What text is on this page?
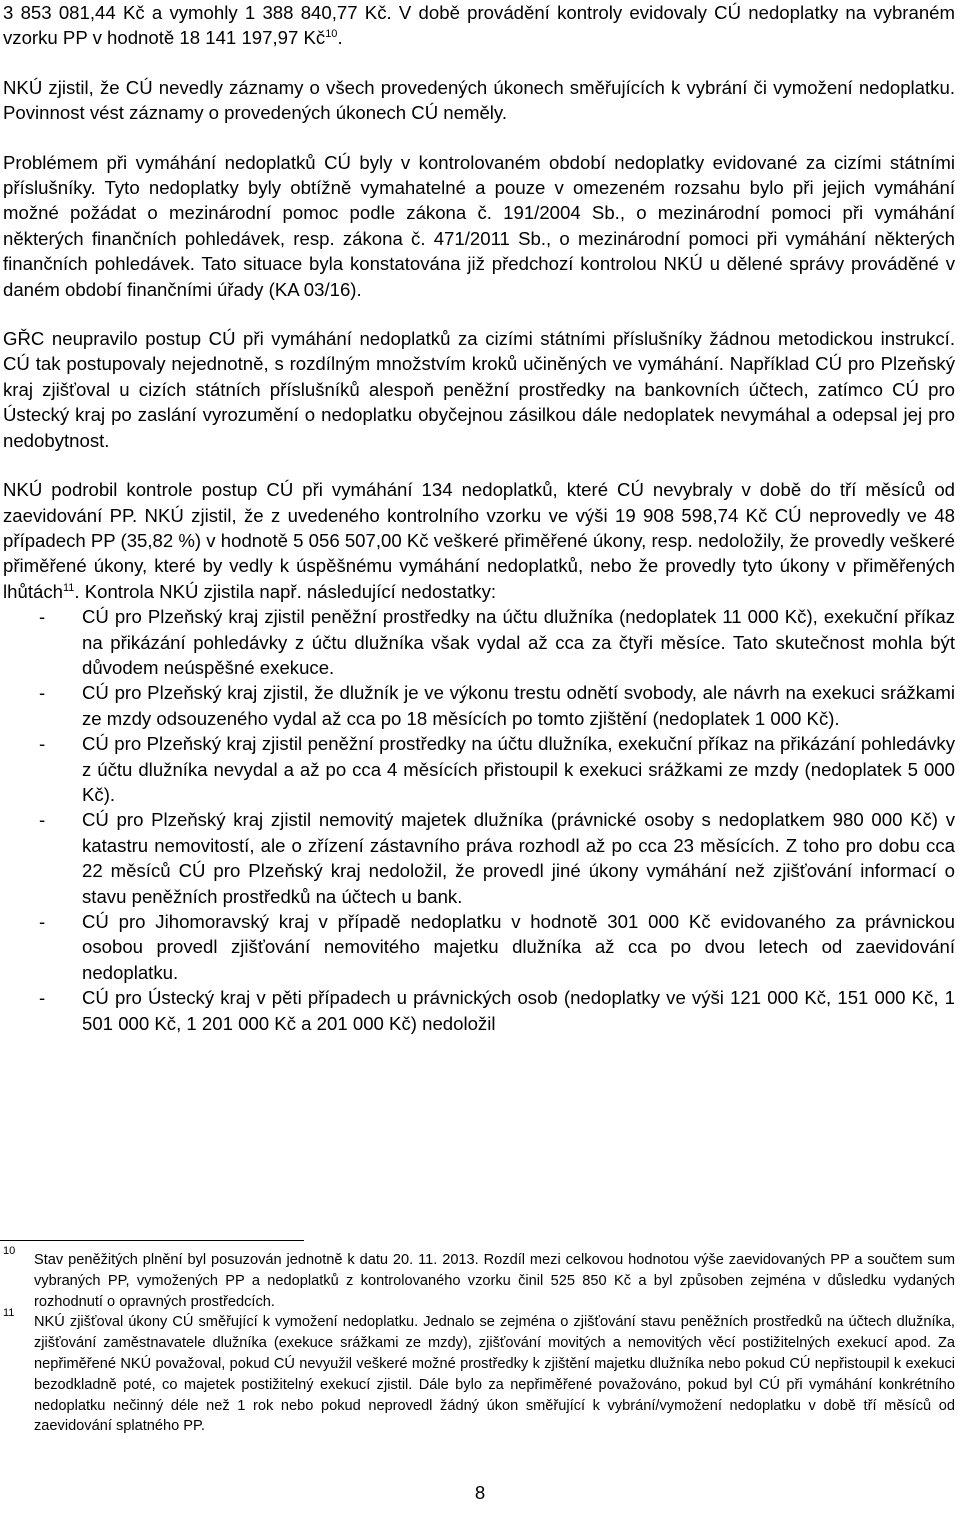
3 853 081,44 Kč a vymohly 1 388 840,77 Kč. V době provádění kontroly evidovaly CÚ nedoplatky na vybraném vzorku PP v hodnotě 18 141 197,97 $Kč^{10}$.

NKÚ zjistil, že CÚ nevedly záznamy o všech provedených úkonech směřujících k vybrání či vymožení nedoplatku. Povinnost vést záznamy o provedených úkonech CÚ neměly.

Problémem při vymáhání nedoplatků CÚ byly v kontrolovaném období nedoplatky evidované za cizími státními příslušníky. Tyto nedoplatky byly obtížně vymahatelné a pouze v omezeném rozsahu bylo při jejich vymáhání možné požádat o mezinárodní pomoc podle zákona č. 191/2004 Sb., o mezinárodní pomoci při vymáhání některých finančních pohledávek, resp. zákona č. 471/2011 Sb., o mezinárodní pomoci při vymáhání některých finančních pohledávek. Tato situace byla konstatována již předchozí kontrolou NKÚ u dělené správy prováděné v daném období finančními úřady (KA 03/16).

GŘC neupravilo postup CÚ při vymáhání nedoplatků za cizími státními příslušníky žádnou metodickou instrukcí. CÚ tak postupovaly nejednotně, s rozdílným množstvím kroků učiněných ve vymáhání. Například CÚ pro Plzeňský kraj zjišťoval u cizích státních příslušníků alespoň peněžní prostředky na bankovních účtech, zatímco CÚ pro Ústecký kraj po zaslání vyrozumění o nedoplatku obyčejnou zásilkou dále nedoplatek nevymáhal a odepsal jej pro nedobytnost.

NKÚ podrobil kontrole postup CÚ při vymáhání 134 nedoplatků, které CÚ nevybraly v době do tří měsíců od zaevidování PP. NKÚ zjistil, že z uvedeného kontrolního vzorku ve výši 19 908 598,74 Kč CÚ neprovedly ve 48 případech PP (35,82 %) v hodnotě 5 056 507,00 Kč veškeré přiměřené úkony, resp. nedoložily, že provedly veškeré přiměřené úkony, které by vedly k úspěšnému vymáhání nedoplatků, nebo že provedly tyto úkony v přiměřených lhůtách$^{11}$. Kontrola NKÚ zjistila např. následující nedostatky:

- CÚ pro Plzeňský kraj zjistil peněžní prostředky na účtu dlužníka (nedoplatek 11 000 Kč), exekuční příkaz na přikázání pohledávky z účtu dlužníka však vydal až cca za čtyři měsíce. Tato skutečnost mohla být důvodem neúspěšné exekuce.
- CÚ pro Plzeňský kraj zjistil, že dlužník je ve výkonu trestu odnětí svobody, ale návrh na exekuci srážkami ze mzdy odsouzeného vydal až cca po 18 měsících po tomto zjištění (nedoplatek 1 000 Kč).
- CÚ pro Plzeňský kraj zjistil peněžní prostředky na účtu dlužníka, exekuční příkaz na přikázání pohledávky z účtu dlužníka nevydal a až po cca 4 měsících přistoupil k exekuci srážkami ze mzdy (nedoplatek 5 000 Kč).
- CÚ pro Plzeňský kraj zjistil nemovitý majetek dlužníka (právnické osoby s nedoplatkem 980 000 Kč) v katastru nemovitostí, ale o zřízení zástavního práva rozhodl až po cca 23 měsících. Z toho pro dobu cca 22 měsíců CÚ pro Plzeňský kraj nedoložil, že provedl jiné úkony vymáhání než zjišťování informací o stavu peněžních prostředků na účtech u bank.
- CÚ pro Jihomoravský kraj v případě nedoplatku v hodnotě 301 000 Kč evidovaného za právnickou osobou provedl zjišťování nemovitého majetku dlužníka až cca po dvou letech od zaevidování nedoplatku.
- CÚ pro Ústecký kraj v pěti případech u právnických osob (nedoplatky ve výši 121 000 Kč, 151 000 Kč, 1 501 000 Kč, 1 201 000 Kč a 201 000 Kč) nedoložil
10
Stav peněžitých plnění byl posuzován jednotně k datu 20. 11. 2013. Rozdíl mezi celkovou hodnotou výše zaevidovaných PP a součtem sum vybraných PP, vymožených PP a nedoplatků z kontrolovaného vzorku činil 525 850 Kč a byl způsoben zejména v důsledku vydaných rozhodnutí o opravných prostředcích.
11
NKÚ zjišťoval úkony CÚ směřující k vymožení nedoplatku. Jednalo se zejména o zjišťování stavu peněžních prostředků na účtech dlužníka, zjišťování zaměstnavatele dlužníka (exekuce srážkami ze mzdy), zjišťování movitých a nemovitých věcí postižitelných exekucí apod. Za nepřiměřené NKÚ považoval, pokud CÚ nevyužil veškeré možné prostředky k zjištění majetku dlužníka nebo pokud CÚ nepřistoupil k exekuci bezodkladně poté, co majetek postižitelný exekucí zjistil. Dále bylo za nepřiměřené považováno, pokud byl CÚ při vymáhání konkrétního nedoplatku nečinný déle než 1 rok nebo pokud neprovedl žádný úkon směřující k vybrání/vymožení nedoplatku v době tří měsíců od zaevidování splatného PP.
8
